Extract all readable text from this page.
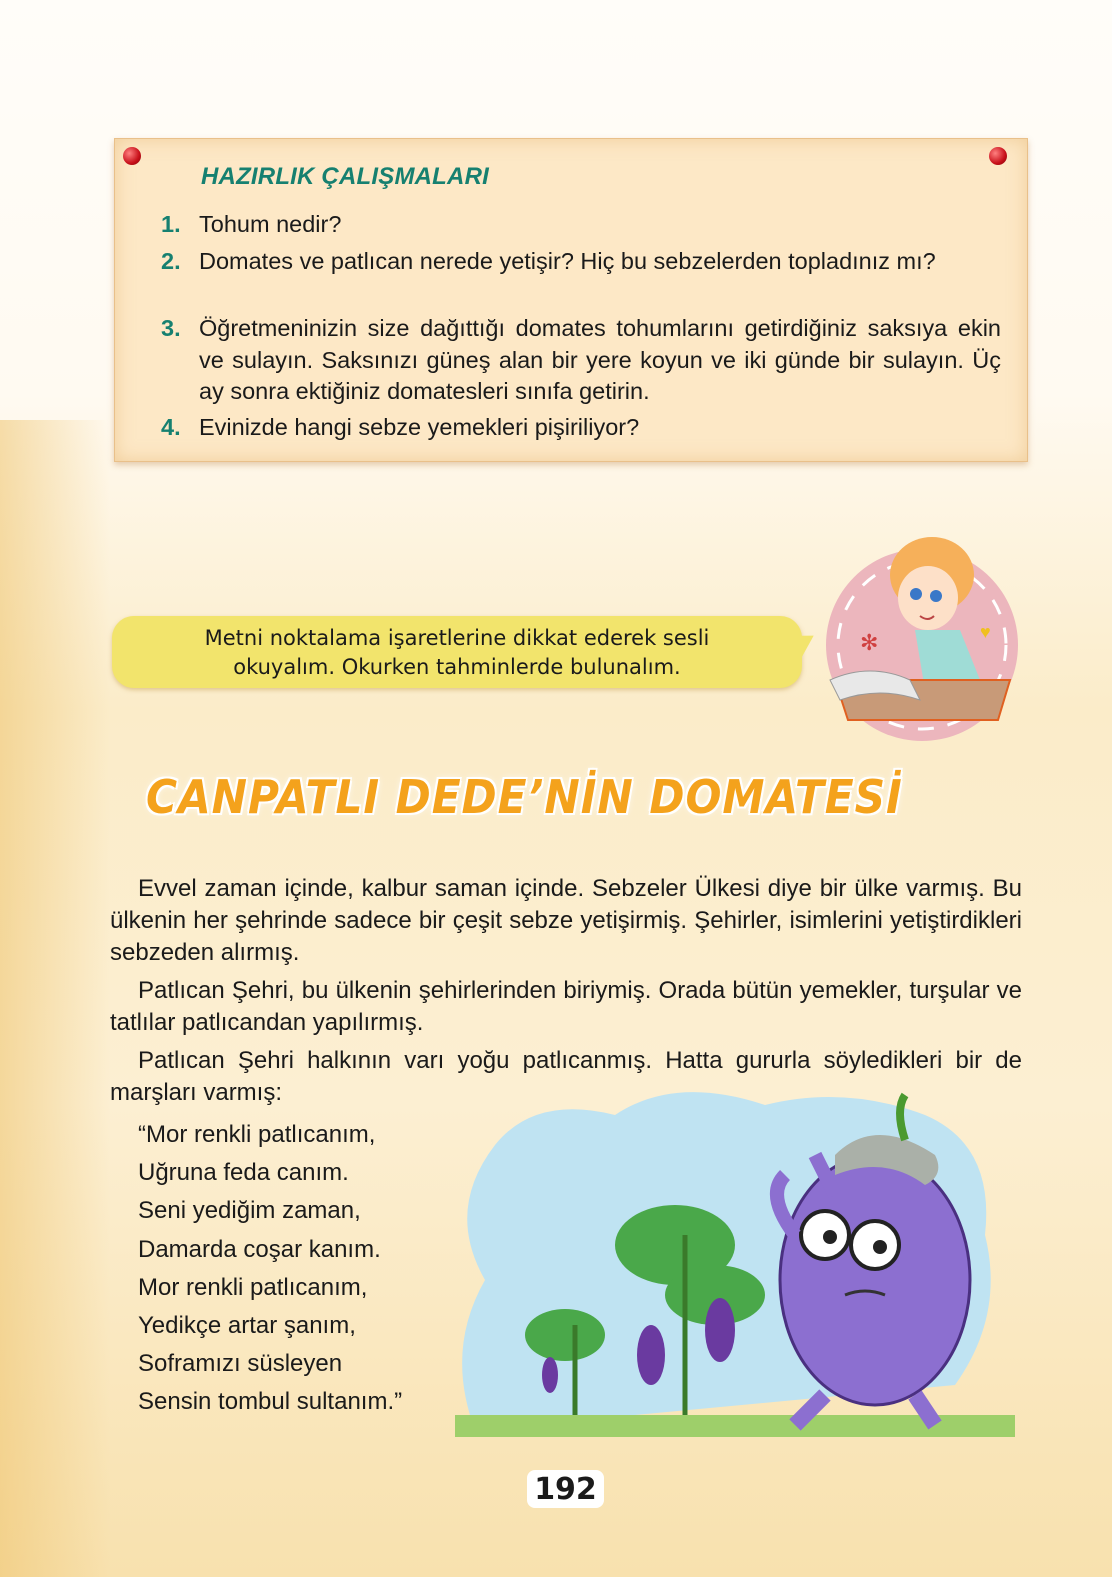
HAZIRLIK ÇALIŞMALARI
1. Tohum nedir?
2. Domates ve patlıcan nerede yetişir? Hiç bu sebzelerden topladınız mı?
3. Öğretmeninizin size dağıttığı domates tohumlarını getirdiğiniz saksıya ekin ve sulayın. Saksınızı güneş alan bir yere koyun ve iki günde bir sulayın. Üç ay sonra ektiğiniz domatesleri sınıfa getirin.
4. Evinizde hangi sebze yemekleri pişiriliyor?
Metni noktalama işaretlerine dikkat ederek sesli
okuyalım. Okurken tahminlerde bulunalım.
✻	♥
CANPATLI DEDE’NİN DOMATESİ

Evvel zaman içinde, kalbur saman içinde. Sebzeler Ülkesi diye bir ülke varmış. Bu ülkenin her şehrinde sadece bir çeşit sebze yetişirmiş. Şehirler, isimlerini yetiştirdikleri sebzeden alırmış.

Patlıcan Şehri, bu ülkenin şehirlerinden biriymiş. Orada bütün yemekler, turşular ve tatlılar patlıcandan yapılırmış.

Patlıcan Şehri halkının varı yoğu patlıcanmış. Hatta gururla söyledikleri bir de marşları varmış:

“Mor renkli patlıcanım,
Uğruna feda canım.
Seni yediğim zaman,
Damarda coşar kanım.
Mor renkli patlıcanım,
Yedikçe artar şanım,
Soframızı süsleyen
Sensin tombul sultanım.”
192
